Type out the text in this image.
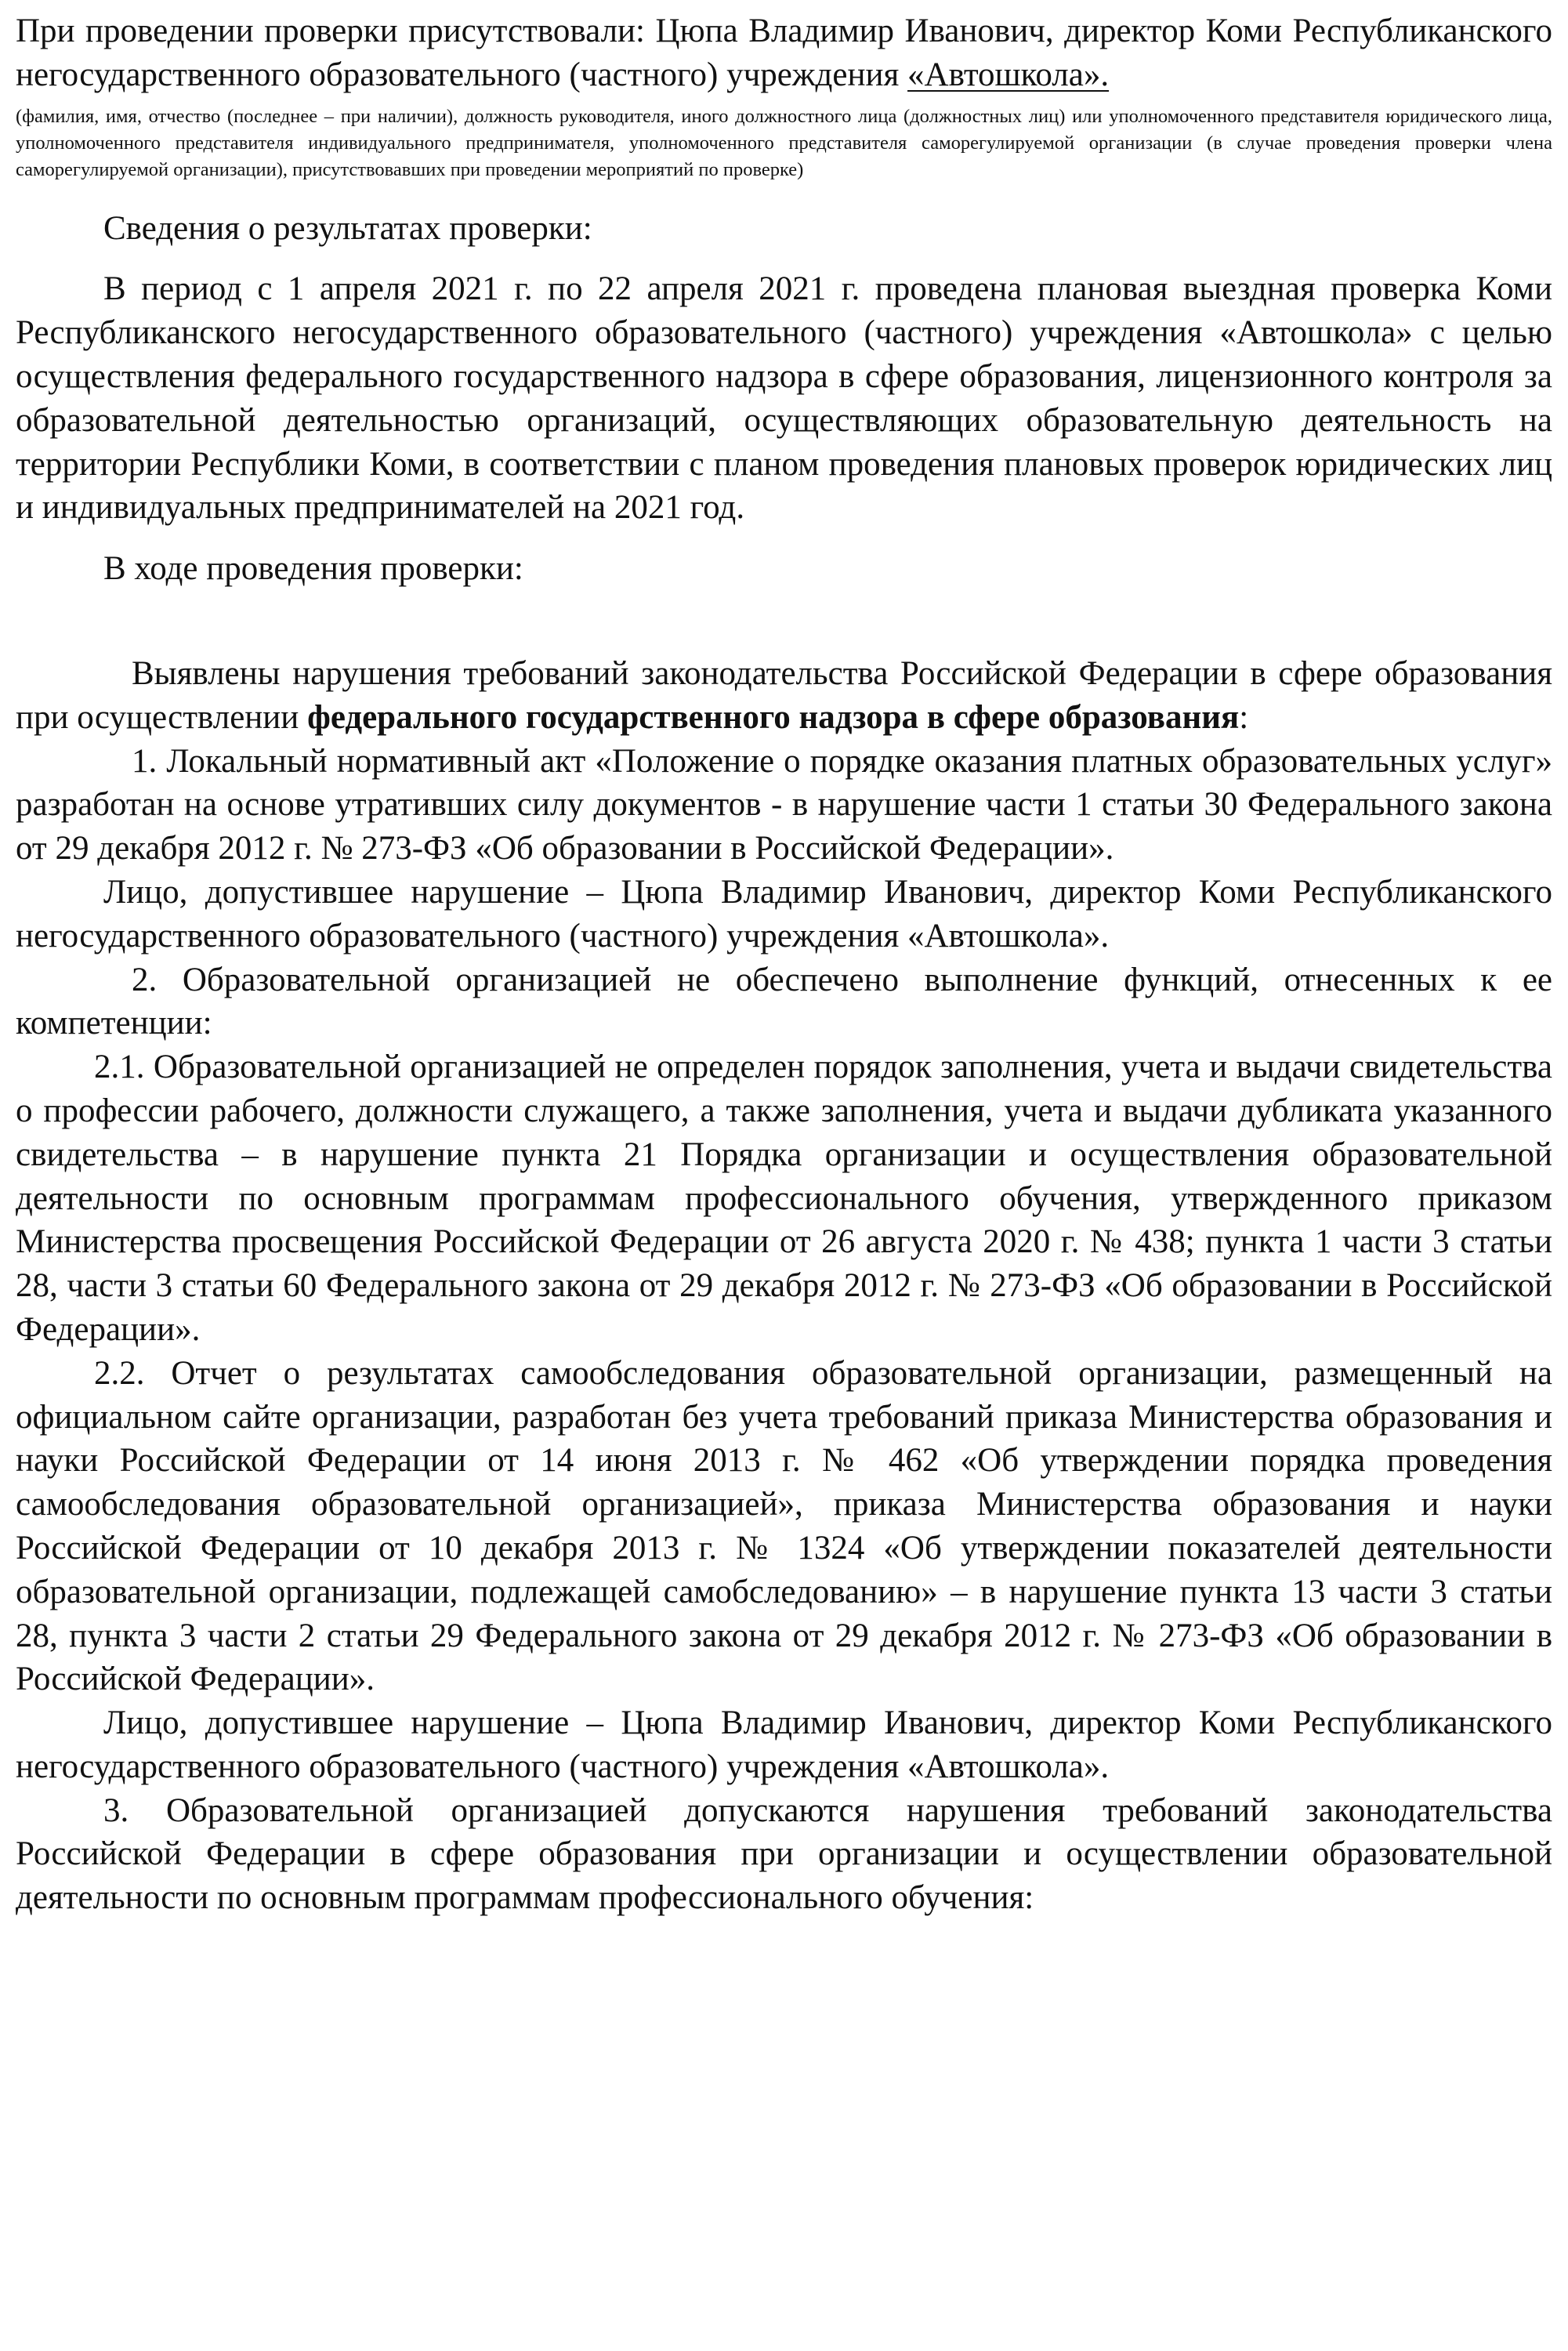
При проведении проверки присутствовали: Цюпа Владимир Иванович, директор Коми Республиканского негосударственного образовательного (частного) учреждения «Автошкола».

(фамилия, имя, отчество (последнее – при наличии), должность руководителя, иного должностного лица (должностных лиц) или уполномоченного представителя юридического лица, уполномоченного представителя индивидуального предпринимателя, уполномоченного представителя саморегулируемой организации (в случае проведения проверки члена саморегулируемой организации), присутствовавших при проведении мероприятий по проверке)

Сведения о результатах проверки:

В период с 1 апреля 2021 г. по 22 апреля 2021 г. проведена плановая выездная проверка Коми Республиканского негосударственного образовательного (частного) учреждения «Автошкола» с целью осуществления федерального государственного надзора в сфере образования, лицензионного контроля за образовательной деятельностью организаций, осуществляющих образовательную деятельность на территории Республики Коми, в соответствии с планом проведения плановых проверок юридических лиц и индивидуальных предпринимателей на 2021 год.

В ходе проведения проверки:

Выявлены нарушения требований законодательства Российской Федерации в сфере образования при осуществлении федерального государственного надзора в сфере образования:

1. Локальный нормативный акт «Положение о порядке оказания платных образовательных услуг» разработан на основе утративших силу документов - в нарушение части 1 статьи 30 Федерального закона от 29 декабря 2012 г. № 273-ФЗ «Об образовании в Российской Федерации».

Лицо, допустившее нарушение – Цюпа Владимир Иванович, директор Коми Республиканского негосударственного образовательного (частного) учреждения «Автошкола».

2. Образовательной организацией не обеспечено выполнение функций, отнесенных к ее компетенции:

2.1. Образовательной организацией не определен порядок заполнения, учета и выдачи свидетельства о профессии рабочего, должности служащего, а также заполнения, учета и выдачи дубликата указанного свидетельства – в нарушение пункта 21 Порядка организации и осуществления образовательной деятельности по основным программам профессионального обучения, утвержденного приказом Министерства просвещения Российской Федерации от 26 августа 2020 г. № 438; пункта 1 части 3 статьи 28, части 3 статьи 60 Федерального закона от 29 декабря 2012 г. № 273-ФЗ «Об образовании в Российской Федерации».

2.2. Отчет о результатах самообследования образовательной организации, размещенный на официальном сайте организации, разработан без учета требований приказа Министерства образования и науки Российской Федерации от 14 июня 2013 г. № 462 «Об утверждении порядка проведения самообследования образовательной организацией», приказа Министерства образования и науки Российской Федерации от 10 декабря 2013 г. № 1324 «Об утверждении показателей деятельности образовательной организации, подлежащей самобследованию» – в нарушение пункта 13 части 3 статьи 28, пункта 3 части 2 статьи 29 Федерального закона от 29 декабря 2012 г. № 273-ФЗ «Об образовании в Российской Федерации».

Лицо, допустившее нарушение – Цюпа Владимир Иванович, директор Коми Республиканского негосударственного образовательного (частного) учреждения «Автошкола».

3. Образовательной организацией допускаются нарушения требований законодательства Российской Федерации в сфере образования при организации и осуществлении образовательной деятельности по основным программам профессионального обучения:
